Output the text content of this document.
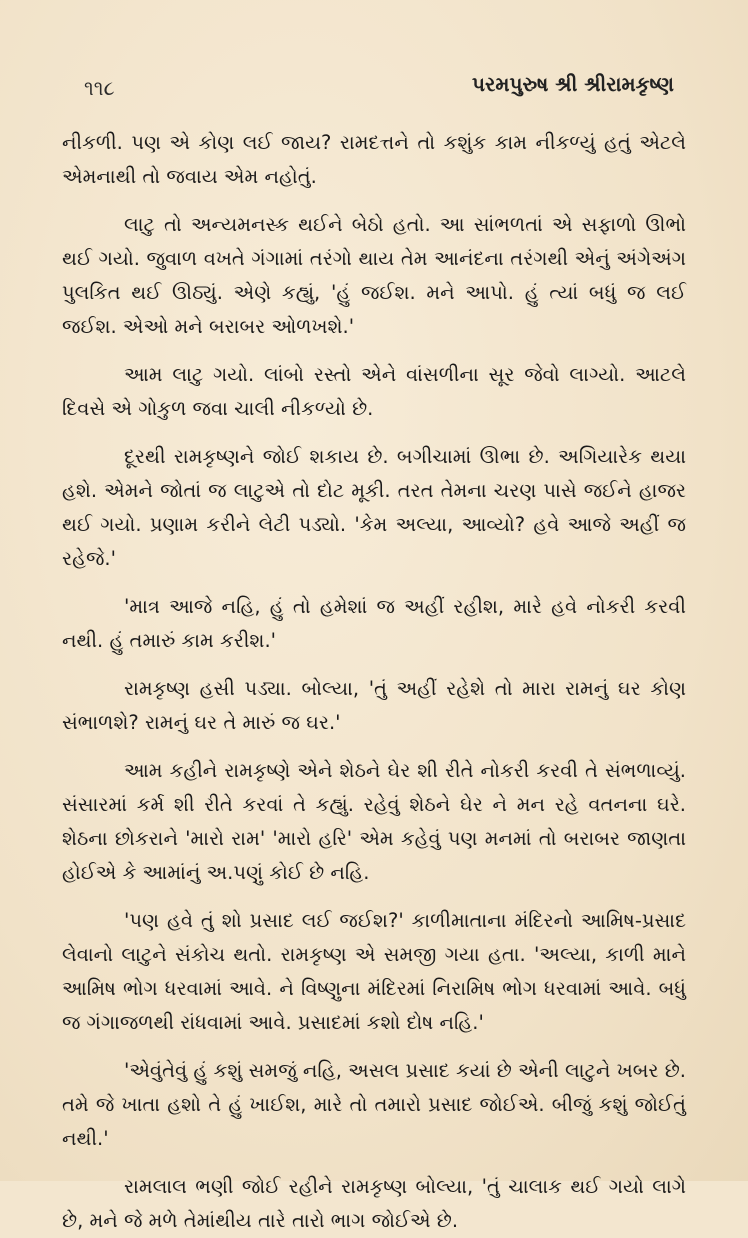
૧૧૮	પરમપુરુષ શ્રી શ્રીરામકૃષ્ણ

નીકળી. પણ એ કોણ લઈ જાય? રામદત્તને તો કશુંક કામ નીકળ્યું હતું એટલે એમનાથી તો જવાય એમ નહોતું.

લાટુ તો અન્યમનસ્ક થઈને બેઠો હતો. આ સાંભળતાં એ સફાળો ઊભો થઈ ગયો. જુવાળ વખતે ગંગામાં તરંગો થાય તેમ આનંદના તરંગથી એનું અંગેઅંગ પુલકિત થઈ ઊઠ્યું. એણે કહ્યું, 'હું જઈશ. મને આપો. હું ત્યાં બધું જ લઈ જઈશ. એઓ મને બરાબર ઓળખશે.'

આમ લાટુ ગયો. લાંબો રસ્તો એને વાંસળીના સૂર જેવો લાગ્યો. આટલે દિવસે એ ગોકુળ જવા ચાલી નીકળ્યો છે.

દૂરથી રામકૃષ્ણને જોઈ શકાય છે. બગીચામાં ઊભા છે. અગિયારેક થયા હશે. એમને જોતાં જ લાટુએ તો દોટ મૂકી. તરત તેમના ચરણ પાસે જઈને હાજર થઈ ગયો. પ્રણામ કરીને લેટી પડ્યો. 'કેમ અલ્યા, આવ્યો? હવે આજે અહીં જ રહેજે.'

'માત્ર આજે નહિ, હું તો હમેશાં જ અહીં રહીશ, મારે હવે નોકરી કરવી નથી. હું તમારું કામ કરીશ.'

રામકૃષ્ણ હસી પડ્યા. બોલ્યા, 'તું અહીં રહેશે તો મારા રામનું ઘર કોણ સંભાળશે? રામનું ઘર તે મારું જ ઘર.'

આમ કહીને રામકૃષ્ણે એને શેઠને ઘેર શી રીતે નોકરી કરવી તે સંભળાવ્યું. સંસારમાં કર્મ શી રીતે કરવાં તે કહ્યું. રહેવું શેઠને ઘેર ને મન રહે વતનના ઘરે. શેઠના છોકરાને 'મારો રામ' 'મારો હરિ' એમ કહેવું પણ મનમાં તો બરાબર જાણતા હોઈએ કે આમાંનું અ.પણું કોઈ છે નહિ.

'પણ હવે તું શો પ્રસાદ લઈ જઈશ?' કાળીમાતાના મંદિરનો આમિષ-પ્રસાદ લેવાનો લાટુને સંકોચ થતો. રામકૃષ્ણ એ સમજી ગયા હતા. 'અલ્યા, કાળી માને આમિષ ભોગ ધરવામાં આવે. ને વિષ્ણુના મંદિરમાં નિરામિષ ભોગ ધરવામાં આવે. બધું જ ગંગાજળથી રાંધવામાં આવે. પ્રસાદમાં કશો દોષ નહિ.'

'એવુંતેવું હું કશું સમજું નહિ, અસલ પ્રસાદ કયાં છે એની લાટુને ખબર છે. તમે જે ખાતા હશો તે હું ખાઈશ, મારે તો તમારો પ્રસાદ જોઈએ. બીજું કશું જોઈતું નથી.'

રામલાલ ભણી જોઈ રહીને રામકૃષ્ણ બોલ્યા, 'તું ચાલાક થઈ ગયો લાગે છે, મને જે મળે તેમાંથીય તારે તારો ભાગ જોઈએ છે.
